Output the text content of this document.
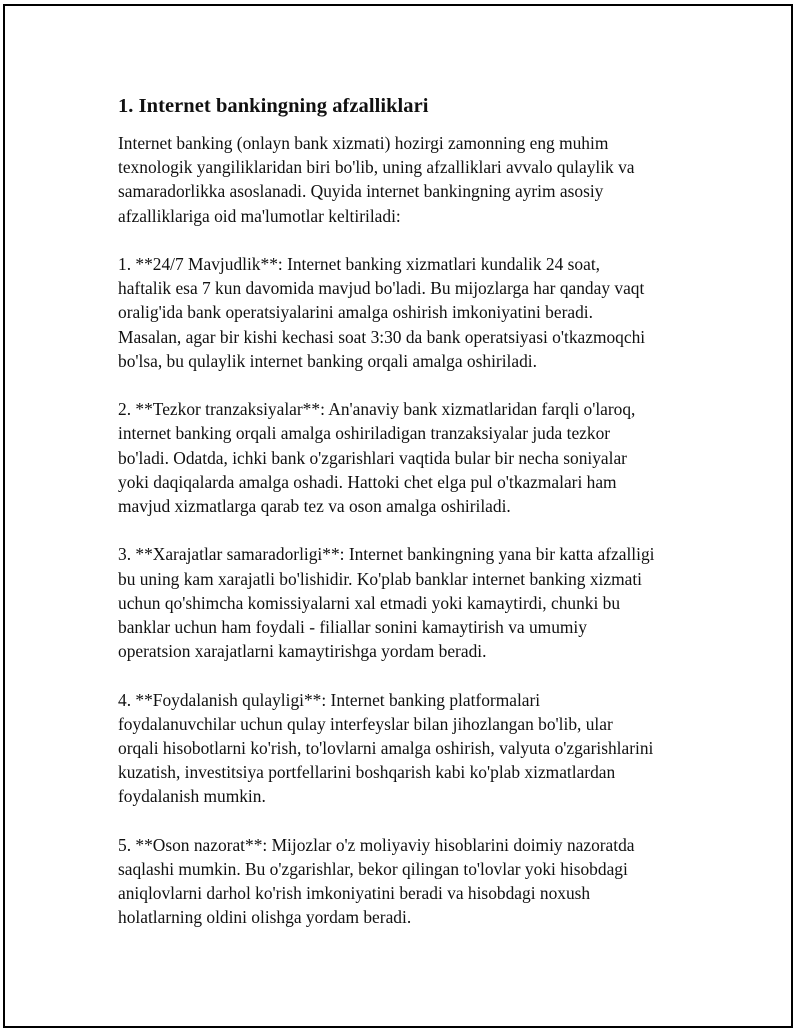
1. Internet bankingning afzalliklari

Internet banking (onlayn bank xizmati) hozirgi zamonning eng muhim
texnologik yangiliklaridan biri bo'lib, uning afzalliklari avvalo qulaylik va
samaradorlikka asoslanadi. Quyida internet bankingning ayrim asosiy
afzalliklariga oid ma'lumotlar keltiriladi:

1. **24/7 Mavjudlik**: Internet banking xizmatlari kundalik 24 soat,
haftalik esa 7 kun davomida mavjud bo'ladi. Bu mijozlarga har qanday vaqt
oralig'ida bank operatsiyalarini amalga oshirish imkoniyatini beradi.
Masalan, agar bir kishi kechasi soat 3:30 da bank operatsiyasi o'tkazmoqchi
bo'lsa, bu qulaylik internet banking orqali amalga oshiriladi.

2. **Tezkor tranzaksiyalar**: An'anaviy bank xizmatlaridan farqli o'laroq,
internet banking orqali amalga oshiriladigan tranzaksiyalar juda tezkor
bo'ladi. Odatda, ichki bank o'zgarishlari vaqtida bular bir necha soniyalar
yoki daqiqalarda amalga oshadi. Hattoki chet elga pul o'tkazmalari ham
mavjud xizmatlarga qarab tez va oson amalga oshiriladi.

3. **Xarajatlar samaradorligi**: Internet bankingning yana bir katta afzalligi
bu uning kam xarajatli bo'lishidir. Ko'plab banklar internet banking xizmati
uchun qo'shimcha komissiyalarni xal etmadi yoki kamaytirdi, chunki bu
banklar uchun ham foydali - filiallar sonini kamaytirish va umumiy
operatsion xarajatlarni kamaytirishga yordam beradi.

4. **Foydalanish qulayligi**: Internet banking platformalari
foydalanuvchilar uchun qulay interfeyslar bilan jihozlangan bo'lib, ular
orqali hisobotlarni ko'rish, to'lovlarni amalga oshirish, valyuta o'zgarishlarini
kuzatish, investitsiya portfellarini boshqarish kabi ko'plab xizmatlardan
foydalanish mumkin.

5. **Oson nazorat**: Mijozlar o'z moliyaviy hisoblarini doimiy nazoratda
saqlashi mumkin. Bu o'zgarishlar, bekor qilingan to'lovlar yoki hisobdagi
aniqlovlarni darhol ko'rish imkoniyatini beradi va hisobdagi noxush
holatlarning oldini olishga yordam beradi.
